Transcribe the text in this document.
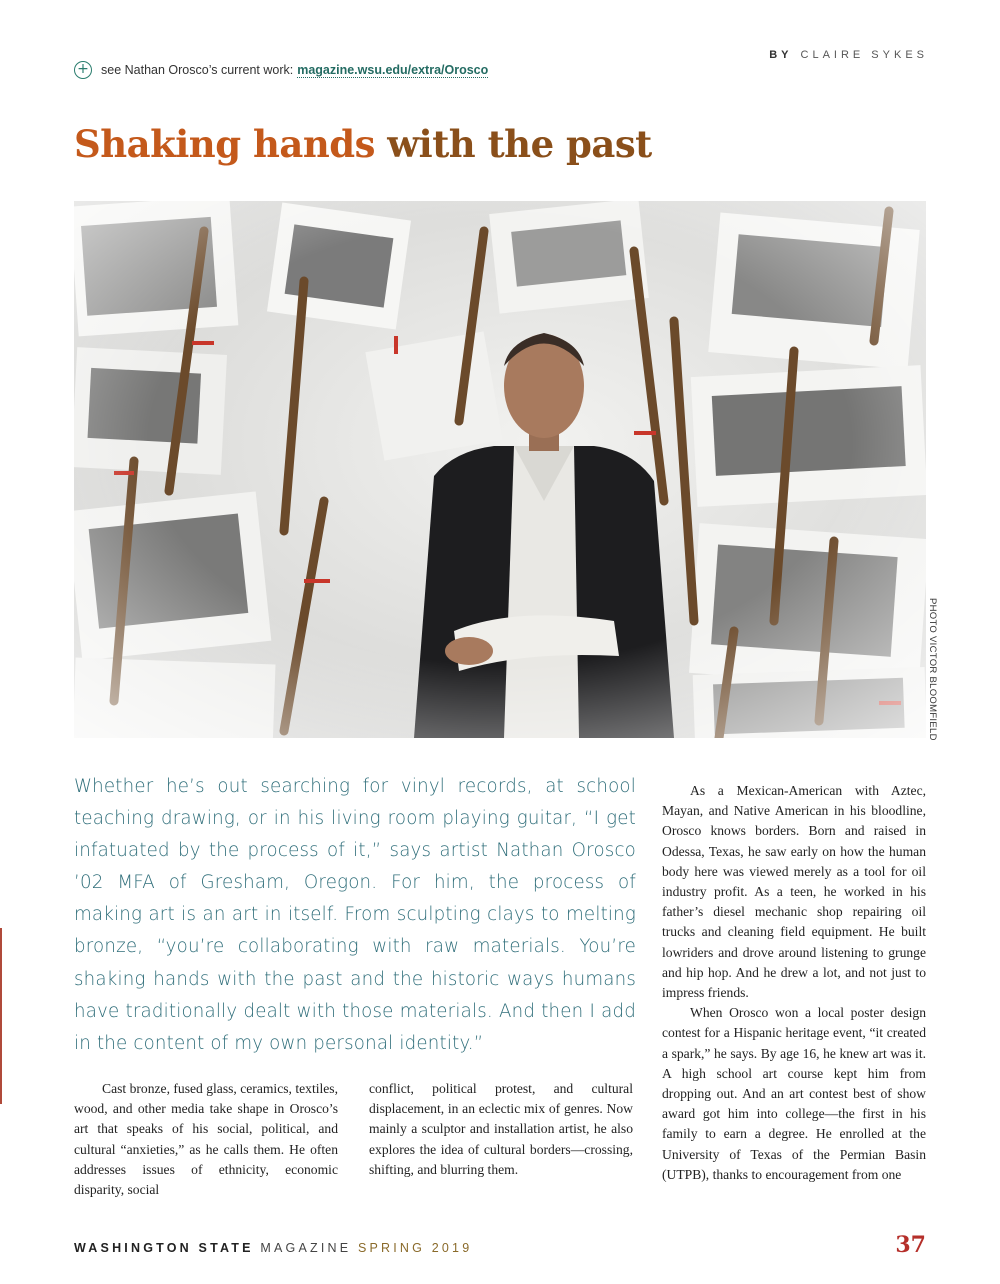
BY CLAIRE SYKES
+ see Nathan Orosco’s current work: magazine.wsu.edu/extra/Orosco
Shaking hands with the past
PHOTO VICTOR BLOOMFIELD
Whether he’s out searching for vinyl records, at school teaching drawing, or in his living room playing guitar, “I get infatuated by the process of it,” says artist Nathan Orosco ’02 MFA of Gresham, Oregon. For him, the process of making art is an art in itself. From sculpting clays to melting bronze, “you’re collaborating with raw materials. You’re shaking hands with the past and the historic ways humans have traditionally dealt with those materials. And then I add in the content of my own personal identity.”

Cast bronze, fused glass, ceramics, textiles, wood, and other media take shape in Orosco’s art that speaks of his social, political, and cultural “anxieties,” as he calls them. He often addresses issues of ethnicity, economic disparity, social

conflict, political protest, and cultural displacement, in an eclectic mix of genres. Now mainly a sculptor and installation artist, he also explores the idea of cultural borders—crossing, shifting, and blurring them.

As a Mexican-American with Aztec, Mayan, and Native American in his bloodline, Orosco knows borders. Born and raised in Odessa, Texas, he saw early on how the human body here was viewed merely as a tool for oil industry profit. As a teen, he worked in his father’s diesel mechanic shop repairing oil trucks and cleaning field equipment. He built lowriders and drove around listening to grunge and hip hop. And he drew a lot, and not just to impress friends.

When Orosco won a local poster design contest for a Hispanic heritage event, “it created a spark,” he says. By age 16, he knew art was it. A high school art course kept him from dropping out. And an art contest best of show award got him into college—the first in his family to earn a degree. He enrolled at the University of Texas of the Permian Basin (UTPB), thanks to encouragement from one

WASHINGTON STATE MAGAZINE SPRING 2019	37
